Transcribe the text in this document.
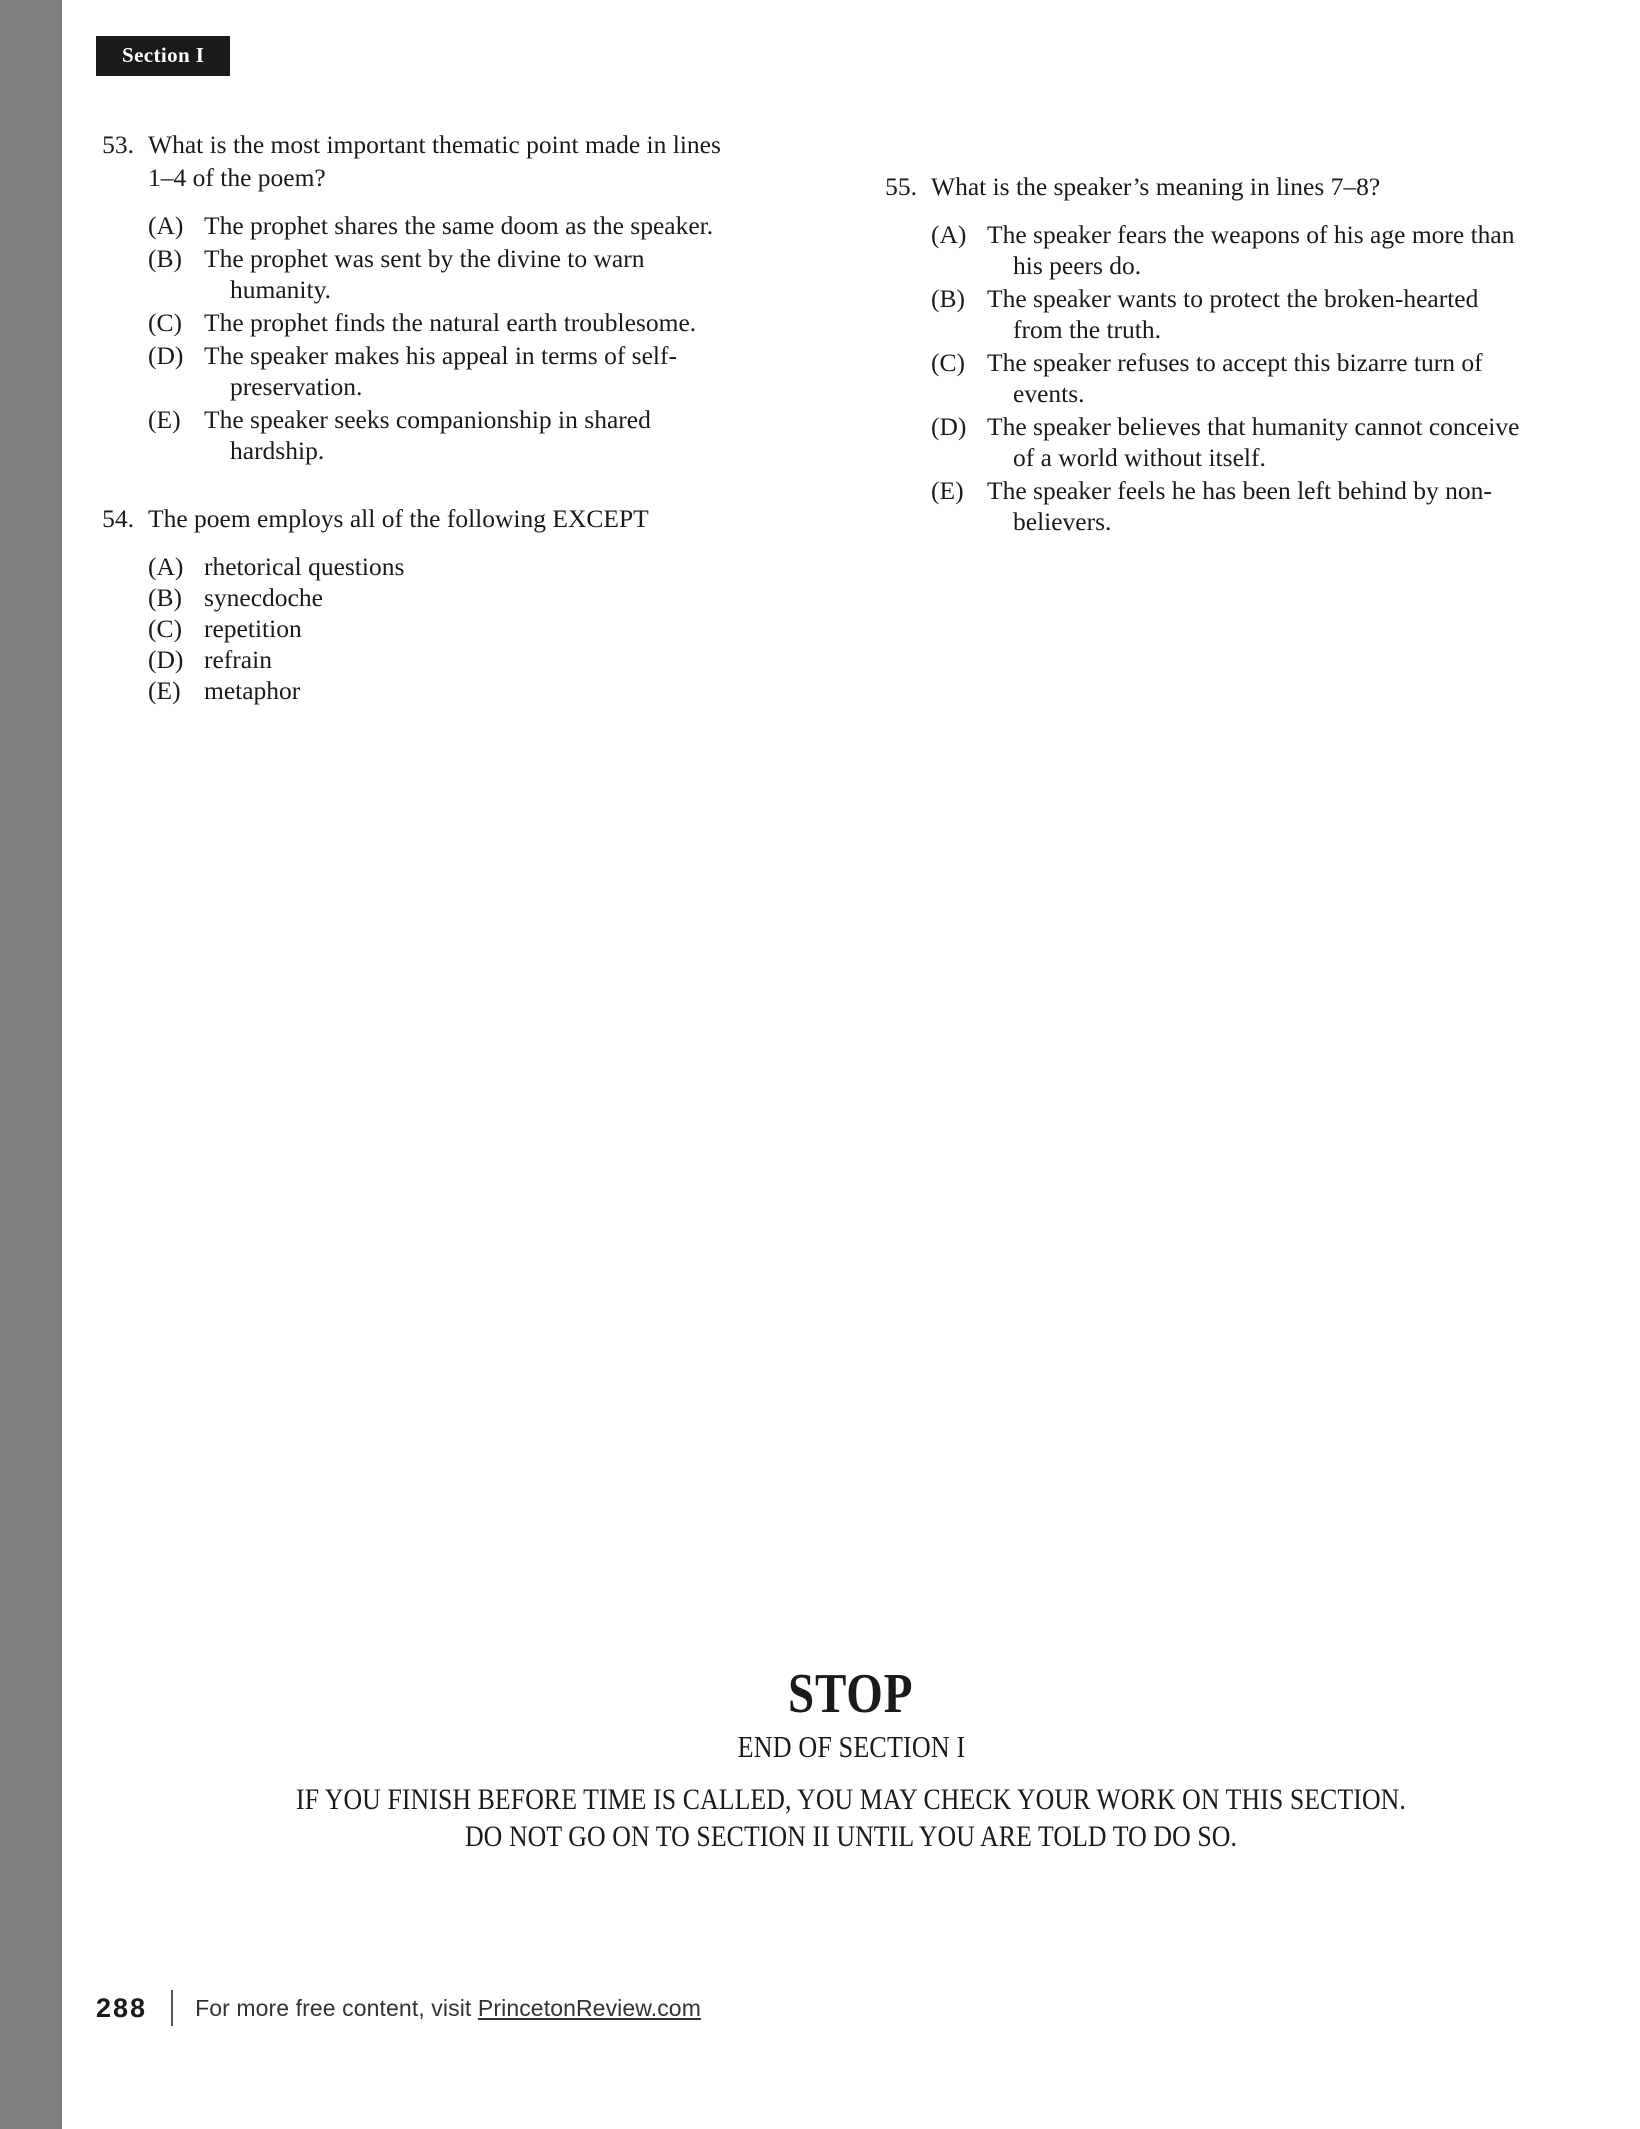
Section I
53. What is the most important thematic point made in lines
1–4 of the poem?
(A) The prophet shares the same doom as the speaker.
(B) The prophet was sent by the divine to warn
humanity.
(C) The prophet finds the natural earth troublesome.
(D) The speaker makes his appeal in terms of self-
preservation.
(E) The speaker seeks companionship in shared
hardship.
54. The poem employs all of the following EXCEPT
(A) rhetorical questions
(B) synecdoche
(C) repetition
(D) refrain
(E) metaphor
55. What is the speaker’s meaning in lines 7–8?
(A) The speaker fears the weapons of his age more than
his peers do.
(B) The speaker wants to protect the broken-hearted
from the truth.
(C) The speaker refuses to accept this bizarre turn of
events.
(D) The speaker believes that humanity cannot conceive
of a world without itself.
(E) The speaker feels he has been left behind by non-
believers.
STOP
END OF SECTION I
IF YOU FINISH BEFORE TIME IS CALLED, YOU MAY CHECK YOUR WORK ON THIS SECTION.
DO NOT GO ON TO SECTION II UNTIL YOU ARE TOLD TO DO SO.
288 For more free content, visit PrincetonReview.com
